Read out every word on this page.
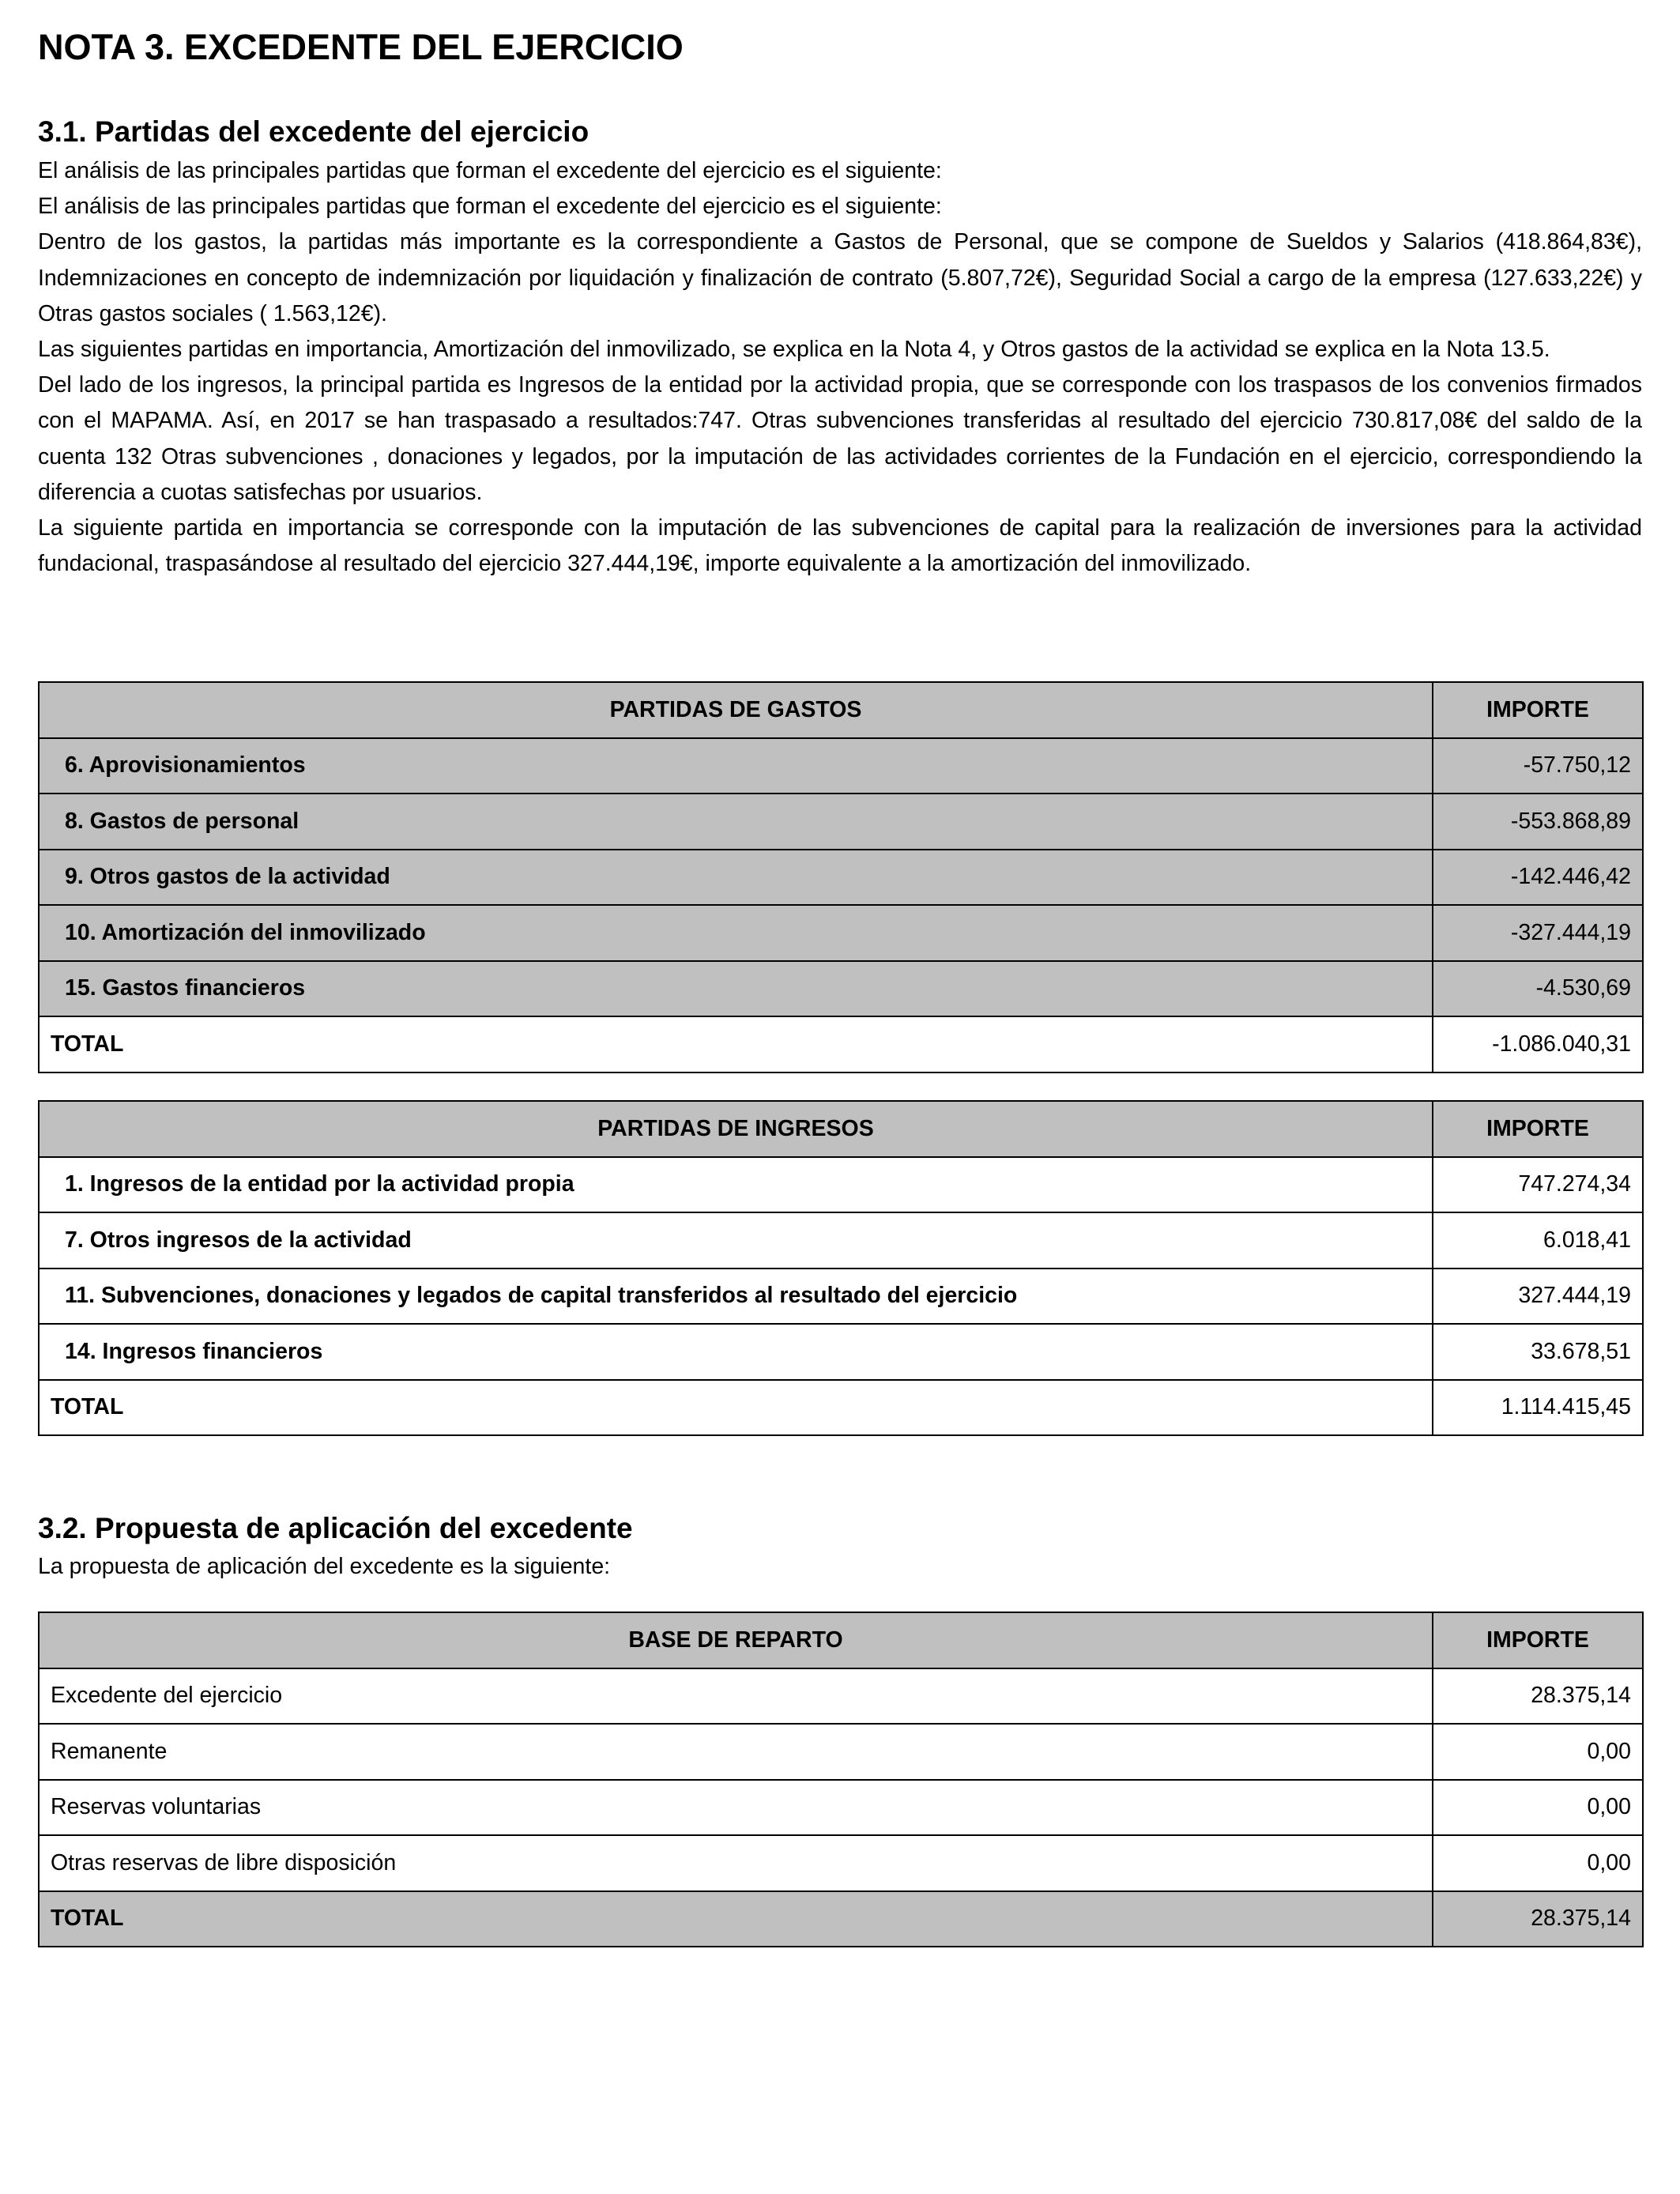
NOTA 3. EXCEDENTE DEL EJERCICIO
3.1. Partidas del excedente del ejercicio

El análisis de las principales partidas que forman el excedente del ejercicio es el siguiente:

El análisis de las principales partidas que forman el excedente del ejercicio es el siguiente:

Dentro de los gastos, la partidas más importante es la correspondiente a Gastos de Personal, que se compone de Sueldos y Salarios (418.864,83€), Indemnizaciones en concepto de indemnización por liquidación y finalización de contrato (5.807,72€), Seguridad Social a cargo de la empresa (127.633,22€) y Otras gastos sociales ( 1.563,12€).

Las siguientes partidas en importancia, Amortización del inmovilizado, se explica en la Nota 4, y Otros gastos de la actividad se explica en la Nota 13.5.

Del lado de los ingresos, la principal partida es Ingresos de la entidad por la actividad propia, que se corresponde con los traspasos de los convenios firmados con el MAPAMA. Así, en 2017 se han traspasado a resultados:747. Otras subvenciones transferidas al resultado del ejercicio 730.817,08€ del saldo de la cuenta 132 Otras subvenciones , donaciones y legados, por la imputación de las actividades corrientes de la Fundación en el ejercicio, correspondiendo la diferencia a cuotas satisfechas por usuarios.

La siguiente partida en importancia se corresponde con la imputación de las subvenciones de capital para la realización de inversiones para la actividad fundacional, traspasándose al resultado del ejercicio 327.444,19€, importe equivalente a la amortización del inmovilizado.

PARTIDAS DE GASTOS	IMPORTE
6. Aprovisionamientos	-57.750,12
8. Gastos de personal	-553.868,89
9. Otros gastos de la actividad	-142.446,42
10. Amortización del inmovilizado	-327.444,19
15. Gastos financieros	-4.530,69
TOTAL	-1.086.040,31
PARTIDAS DE INGRESOS	IMPORTE
1. Ingresos de la entidad por la actividad propia	747.274,34
7. Otros ingresos de la actividad	6.018,41
11. Subvenciones, donaciones y legados de capital transferidos al resultado del ejercicio	327.444,19
14. Ingresos financieros	33.678,51
TOTAL	1.114.415,45
3.2. Propuesta de aplicación del excedente
La propuesta de aplicación del excedente es la siguiente:
BASE DE REPARTO	IMPORTE
Excedente del ejercicio	28.375,14
Remanente	0,00
Reservas voluntarias	0,00
Otras reservas de libre disposición	0,00
TOTAL	28.375,14
